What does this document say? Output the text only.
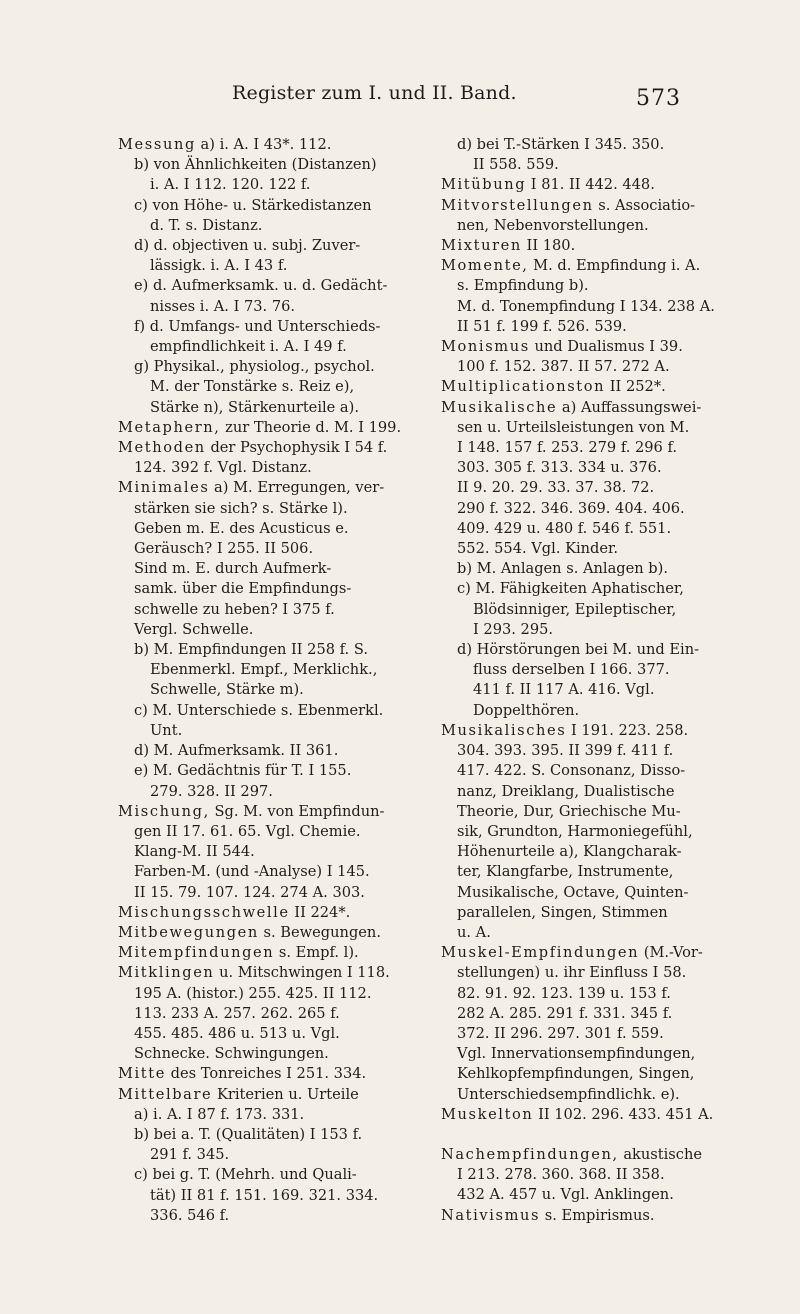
Register zum I. und II. Band.	573
Messung a) i. A. I 43*. 112.
b) von Ähnlichkeiten (Distanzen)
i. A. I 112. 120. 122 f.
c) von Höhe- u. Stärkedistanzen
d. T. s. Distanz.
d) d. objectiven u. subj. Zuver-
lässigk. i. A. I 43 f.
e) d. Aufmerksamk. u. d. Gedächt-
nisses i. A. I 73. 76.
f) d. Umfangs- und Unterschieds-
empfindlichkeit i. A. I 49 f.
g) Physikal., physiolog., psychol.
M. der Tonstärke s. Reiz e),
Stärke n), Stärkenurteile a).
Metaphern, zur Theorie d. M. I 199.
Methoden der Psychophysik I 54 f.
124. 392 f. Vgl. Distanz.
Minimales a) M. Erregungen, ver-
stärken sie sich? s. Stärke l).
Geben m. E. des Acusticus e.
Geräusch? I 255. II 506.
Sind m. E. durch Aufmerk-
samk. über die Empfindungs-
schwelle zu heben? I 375 f.
Vergl. Schwelle.
b) M. Empfindungen II 258 f. S.
Ebenmerkl. Empf., Merklichk.,
Schwelle, Stärke m).
c) M. Unterschiede s. Ebenmerkl.
Unt.
d) M. Aufmerksamk. II 361.
e) M. Gedächtnis für T. I 155.
279. 328. II 297.
Mischung, Sg. M. von Empfindun-
gen II 17. 61. 65. Vgl. Chemie.
Klang-M. II 544.
Farben-M. (und -Analyse) I 145.
II 15. 79. 107. 124. 274 A. 303.
Mischungsschwelle II 224*.
Mitbewegungen s. Bewegungen.
Mitempfindungen s. Empf. l).
Mitklingen u. Mitschwingen I 118.
195 A. (histor.) 255. 425. II 112.
113. 233 A. 257. 262. 265 f.
455. 485. 486 u. 513 u. Vgl.
Schnecke. Schwingungen.
Mitte des Tonreiches I 251. 334.
Mittelbare Kriterien u. Urteile
a) i. A. I 87 f. 173. 331.
b) bei a. T. (Qualitäten) I 153 f.
291 f. 345.
c) bei g. T. (Mehrh. und Quali-
tät) II 81 f. 151. 169. 321. 334.
336. 546 f.
d) bei T.-Stärken I 345. 350.
II 558. 559.
Mitübung I 81. II 442. 448.
Mitvorstellungen s. Associatio-
nen, Nebenvorstellungen.
Mixturen II 180.
Momente, M. d. Empfindung i. A.
s. Empfindung b).
M. d. Tonempfindung I 134. 238 A.
II 51 f. 199 f. 526. 539.
Monismus und Dualismus I 39.
100 f. 152. 387. II 57. 272 A.
Multiplicationston II 252*.
Musikalische a) Auffassungswei-
sen u. Urteilsleistungen von M.
I 148. 157 f. 253. 279 f. 296 f.
303. 305 f. 313. 334 u. 376.
II 9. 20. 29. 33. 37. 38. 72.
290 f. 322. 346. 369. 404. 406.
409. 429 u. 480 f. 546 f. 551.
552. 554. Vgl. Kinder.
b) M. Anlagen s. Anlagen b).
c) M. Fähigkeiten Aphatischer,
Blödsinniger, Epileptischer,
I 293. 295.
d) Hörstörungen bei M. und Ein-
fluss derselben I 166. 377.
411 f. II 117 A. 416. Vgl.
Doppelthören.
Musikalisches I 191. 223. 258.
304. 393. 395. II 399 f. 411 f.
417. 422. S. Consonanz, Disso-
nanz, Dreiklang, Dualistische
Theorie, Dur, Griechische Mu-
sik, Grundton, Harmoniegefühl,
Höhenurteile a), Klangcharak-
ter, Klangfarbe, Instrumente,
Musikalische, Octave, Quinten-
parallelen, Singen, Stimmen
u. A.
Muskel-Empfindungen (M.-Vor-
stellungen) u. ihr Einfluss I 58.
82. 91. 92. 123. 139 u. 153 f.
282 A. 285. 291 f. 331. 345 f.
372. II 296. 297. 301 f. 559.
Vgl. Innervationsempfindungen,
Kehlkopfempfindungen, Singen,
Unterschiedsempfindlichk. e).
Muskelton II 102. 296. 433. 451 A.
Nachempfindungen, akustische
I 213. 278. 360. 368. II 358.
432 A. 457 u. Vgl. Anklingen.
Nativismus s. Empirismus.
